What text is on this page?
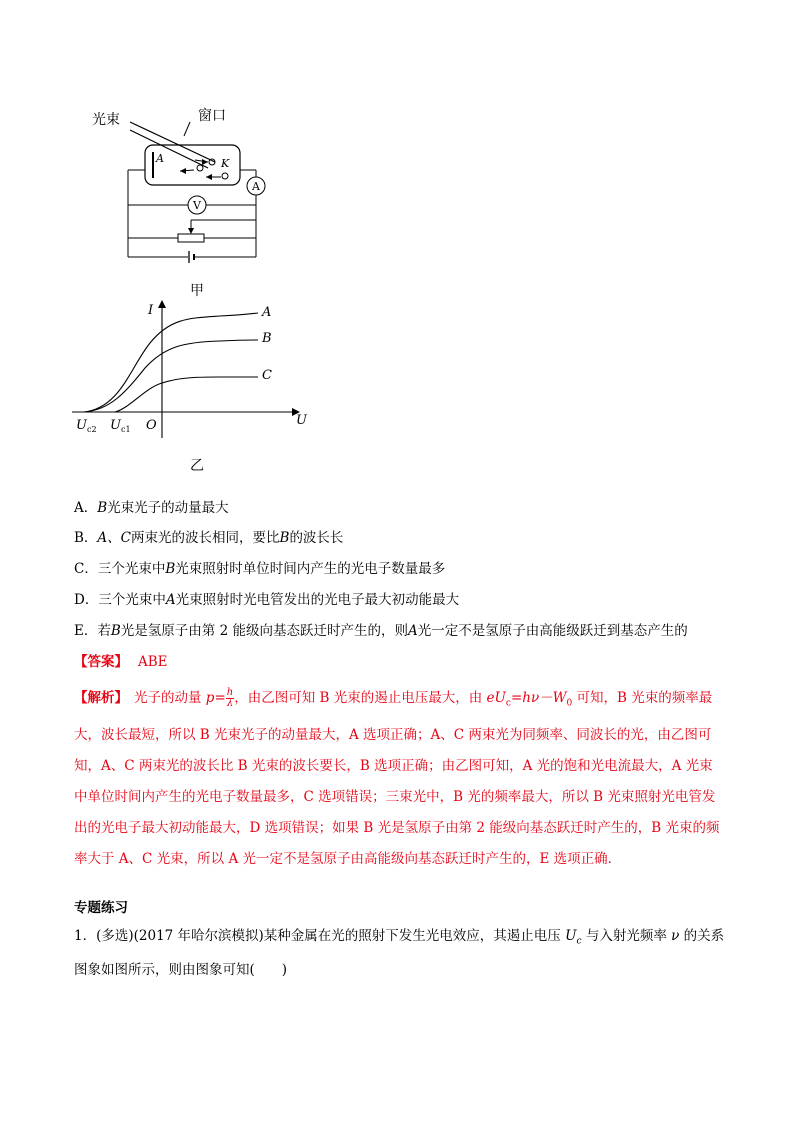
光束	窗口
A	K
A
V
甲
I
U
O
$U_{c2}$ $U_{c1}$
A
B
C
乙
A．B光束光子的动量最大
B．A、C两束光的波长相同，要比B的波长长
C．三个光束中B光束照射时单位时间内产生的光电子数量最多
D．三个光束中A光束照射时光电管发出的光电子最大初动能最大
E．若B光是氢原子由第 2 能级向基态跃迁时产生的，则A光一定不是氢原子由高能级跃迁到基态产生的
【答案】 ABE
【解析】 光子的动量 $p= \frac{h}{\lambda}$ ，由乙图可知 B 光束的遏止电压最大，由 $eU_c=h\nu-W_0$ 可知，B 光束的频率最大，波长最短，所以 B 光束光子的动量最大，A 选项正确；A、C 两束光为同频率、同波长的光，由乙图可知，A、C 两束光的波长比 B 光束的波长要长，B 选项正确；由乙图可知，A 光的饱和光电流最大，A 光束中单位时间内产生的光电子数量最多，C 选项错误；三束光中，B 光的频率最大，所以 B 光束照射光电管发出的光电子最大初动能最大，D 选项错误；如果 B 光是氢原子由第 2 能级向基态跃迁时产生的，B 光束的频率大于 A、C 光束，所以 A 光一定不是氢原子由高能级向基态跃迁时产生的，E 选项正确．
专题练习
1．(多选)(2017 年哈尔滨模拟)某种金属在光的照射下发生光电效应，其遏止电压 $U_c$ 与入射光频率 ν 的关系图象如图所示，则由图象可知(　　)
